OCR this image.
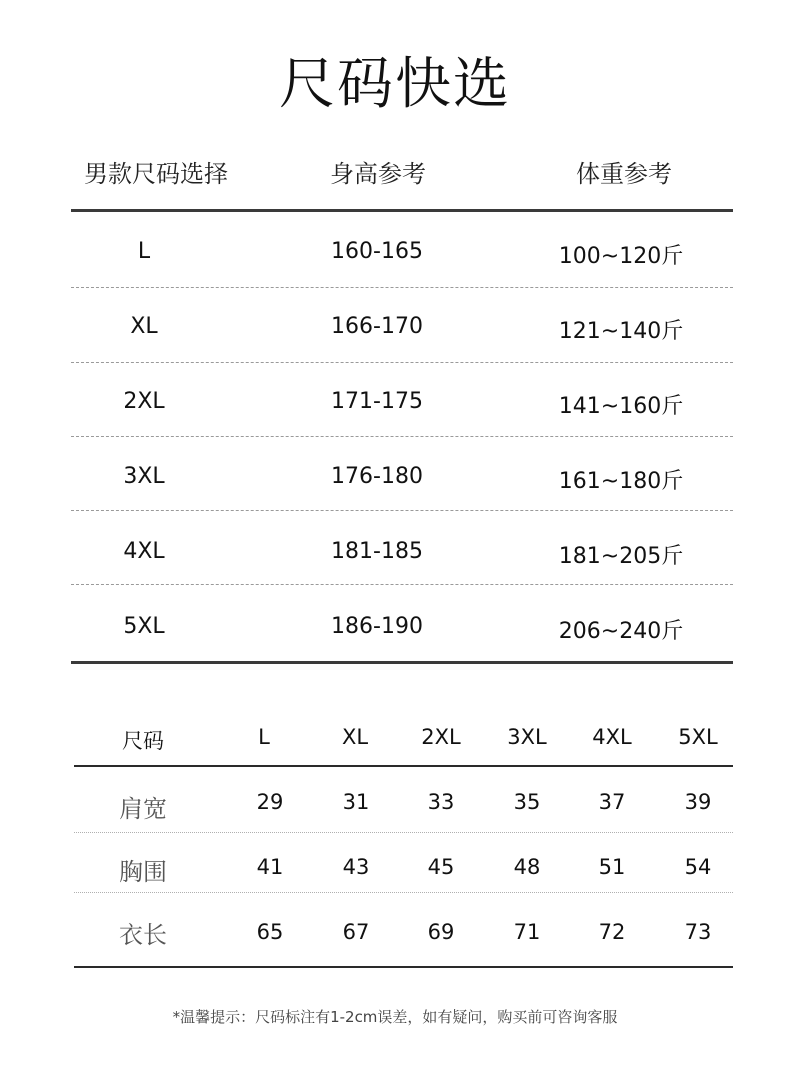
尺码快选
男款尺码选择	身高参考	体重参考
L	160-165	100~120斤
XL	166-170	121~140斤
2XL	171-175	141~160斤
3XL	176-180	161~180斤
4XL	181-185	181~205斤
5XL	186-190	206~240斤
尺码	L	XL	2XL 3XL 4XL 5XL
肩宽	29	31	33	35	37	39
胸围	41	43	45	48	51	54
衣长	65	67	69	71	72	73

*温馨提示：尺码标注有1-2cm误差，如有疑问，购买前可咨询客服
